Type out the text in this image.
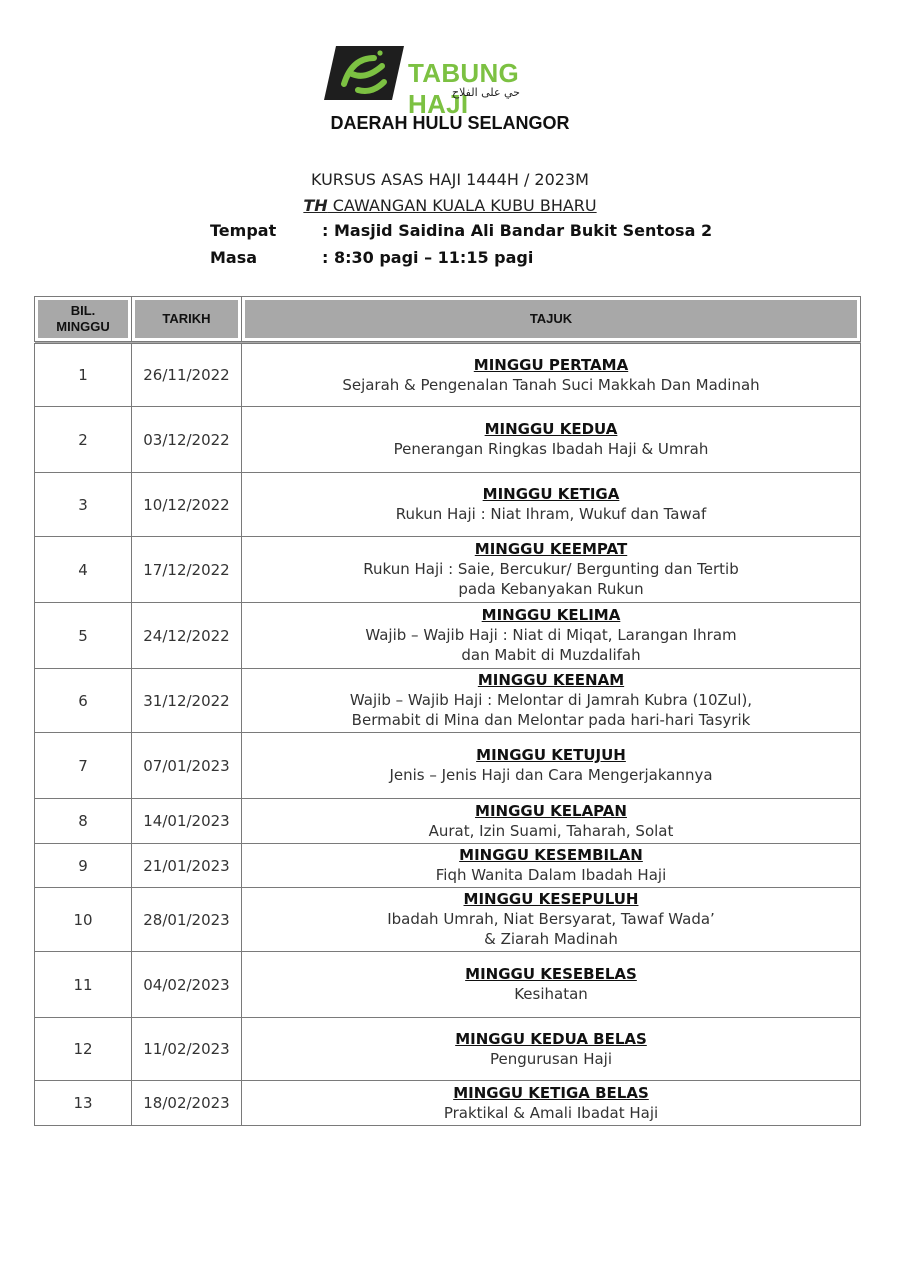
TABUNG HAJI
حي على الفلاح
DAERAH HULU SELANGOR
KURSUS ASAS HAJI 1444H / 2023M
TH CAWANGAN KUALA KUBU BHARU
Tempat	: Masjid Saidina Ali Bandar Bukit Sentosa 2
Masa	: 8:30 pagi – 11:15 pagi
BIL.
MINGGU	TARIKH	TAJUK
1	26/11/2022	MINGGU PERTAMA
Sejarah & Pengenalan Tanah Suci Makkah Dan Madinah

2	03/12/2022	MINGGU KEDUA
Penerangan Ringkas Ibadah Haji & Umrah

3	10/12/2022	MINGGU KETIGA
Rukun Haji : Niat Ihram, Wukuf dan Tawaf

4	17/12/2022	MINGGU KEEMPAT
Rukun Haji : Saie, Bercukur/ Bergunting dan Tertib
pada Kebanyakan Rukun

5	24/12/2022	MINGGU KELIMA
Wajib – Wajib Haji : Niat di Miqat, Larangan Ihram
dan Mabit di Muzdalifah

6	31/12/2022	MINGGU KEENAM
Wajib – Wajib Haji : Melontar di Jamrah Kubra (10Zul),
Bermabit di Mina dan Melontar pada hari-hari Tasyrik

7	07/01/2023	MINGGU KETUJUH
Jenis – Jenis Haji dan Cara Mengerjakannya

8	14/01/2023	MINGGU KELAPAN
Aurat, Izin Suami, Taharah, Solat

9	21/01/2023	MINGGU KESEMBILAN
Fiqh Wanita Dalam Ibadah Haji

10	28/01/2023	MINGGU KESEPULUH
Ibadah Umrah, Niat Bersyarat, Tawaf Wada’
& Ziarah Madinah

11	04/02/2023	MINGGU KESEBELAS
Kesihatan

12	11/02/2023	MINGGU KEDUA BELAS
Pengurusan Haji

13	18/02/2023	MINGGU KETIGA BELAS
Praktikal & Amali Ibadat Haji
